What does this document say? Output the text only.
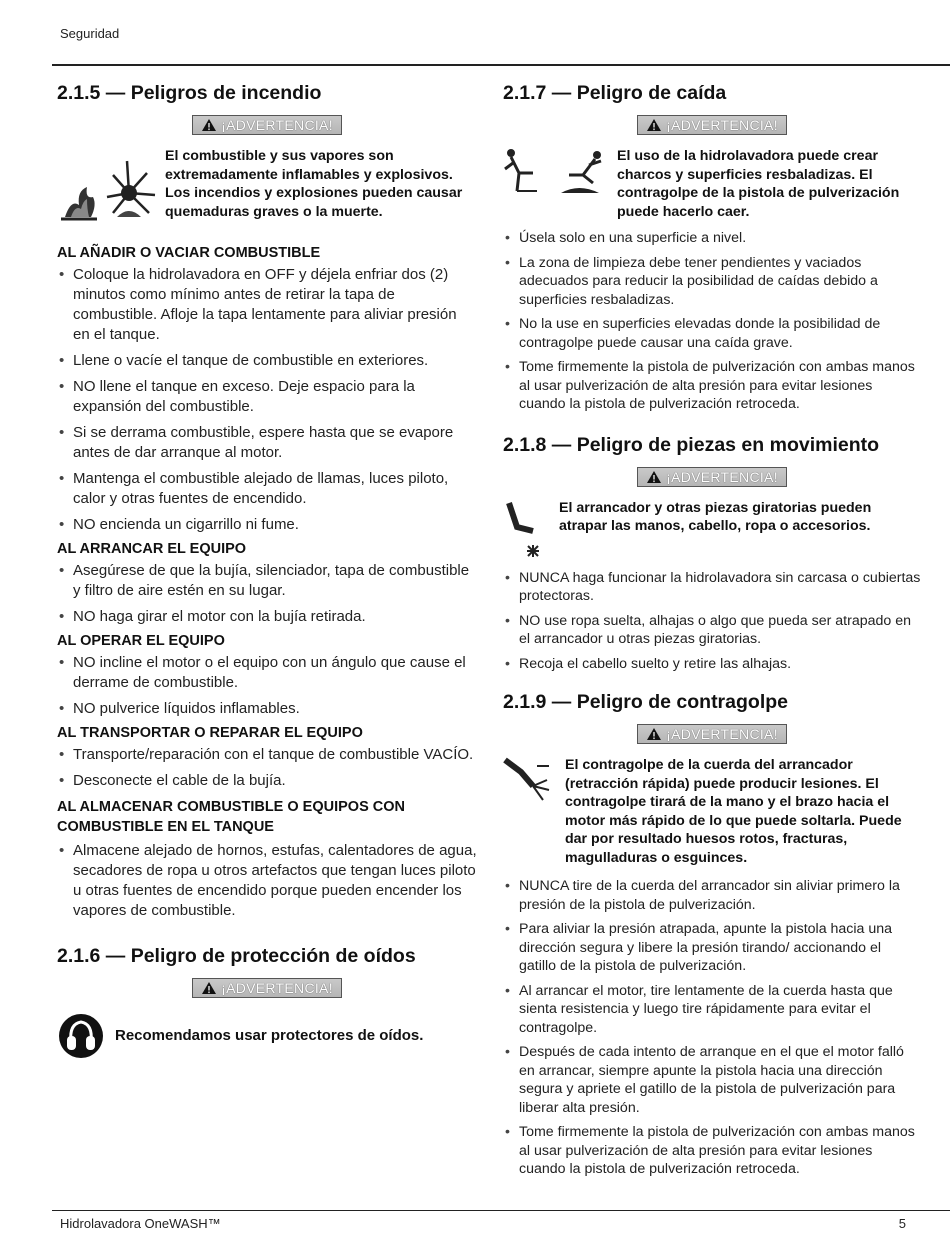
Seguridad
2.1.5 — Peligros de incendio
¡ADVERTENCIA!
El combustible y sus vapores son extremadamente inflamables y explosivos. Los incendios y explosiones pueden causar quemaduras graves o la muerte.
AL AÑADIR O VACIAR COMBUSTIBLE
• Coloque la hidrolavadora en OFF y déjela enfriar dos (2) minutos como mínimo antes de retirar la tapa de combustible. Afloje la tapa lentamente para aliviar presión en el tanque.
• Llene o vacíe el tanque de combustible en exteriores.
• NO llene el tanque en exceso. Deje espacio para la expansión del combustible.
• Si se derrama combustible, espere hasta que se evapore antes de dar arranque al motor.
• Mantenga el combustible alejado de llamas, luces piloto, calor y otras fuentes de encendido.
• NO encienda un cigarrillo ni fume.
AL ARRANCAR EL EQUIPO
• Asegúrese de que la bujía, silenciador, tapa de combustible y filtro de aire estén en su lugar.
• NO haga girar el motor con la bujía retirada.
AL OPERAR EL EQUIPO
• NO incline el motor o el equipo con un ángulo que cause el derrame de combustible.
• NO pulverice líquidos inflamables.
AL TRANSPORTAR O REPARAR EL EQUIPO
• Transporte/reparación con el tanque de combustible VACÍO.
• Desconecte el cable de la bujía.
AL ALMACENAR COMBUSTIBLE O EQUIPOS CON COMBUSTIBLE EN EL TANQUE
• Almacene alejado de hornos, estufas, calentadores de agua, secadores de ropa u otros artefactos que tengan luces piloto u otras fuentes de encendido porque pueden encender los vapores de combustible.
2.1.6 — Peligro de protección de oídos
¡ADVERTENCIA!
Recomendamos usar protectores de oídos.
2.1.7 — Peligro de caída
¡ADVERTENCIA!
El uso de la hidrolavadora puede crear charcos y superficies resbaladizas. El contragolpe de la pistola de pulverización puede hacerlo caer.
• Úsela solo en una superficie a nivel.
• La zona de limpieza debe tener pendientes y vaciados adecuados para reducir la posibilidad de caídas debido a superficies resbaladizas.
• No la use en superficies elevadas donde la posibilidad de contragolpe puede causar una caída grave.
• Tome firmemente la pistola de pulverización con ambas manos al usar pulverización de alta presión para evitar lesiones cuando la pistola de pulverización retroceda.
2.1.8 — Peligro de piezas en movimiento
¡ADVERTENCIA!
El arrancador y otras piezas giratorias pueden atrapar las manos, cabello, ropa o accesorios.
• NUNCA haga funcionar la hidrolavadora sin carcasa o cubiertas protectoras.
• NO use ropa suelta, alhajas o algo que pueda ser atrapado en el arrancador u otras piezas giratorias.
• Recoja el cabello suelto y retire las alhajas.
2.1.9 — Peligro de contragolpe
¡ADVERTENCIA!
El contragolpe de la cuerda del arrancador (retracción rápida) puede producir lesiones. El contragolpe tirará de la mano y el brazo hacia el motor más rápido de lo que puede soltarla. Puede dar por resultado huesos rotos, fracturas, magulladuras o esguinces.
• NUNCA tire de la cuerda del arrancador sin aliviar primero la presión de la pistola de pulverización.
• Para aliviar la presión atrapada, apunte la pistola hacia una dirección segura y libere la presión tirando/ accionando el gatillo de la pistola de pulverización.
• Al arrancar el motor, tire lentamente de la cuerda hasta que sienta resistencia y luego tire rápidamente para evitar el contragolpe.
• Después de cada intento de arranque en el que el motor falló en arrancar, siempre apunte la pistola hacia una dirección segura y apriete el gatillo de la pistola de pulverización para liberar alta presión.
• Tome firmemente la pistola de pulverización con ambas manos al usar pulverización de alta presión para evitar lesiones cuando la pistola de pulverización retroceda.
Hidrolavadora OneWASH™	5
